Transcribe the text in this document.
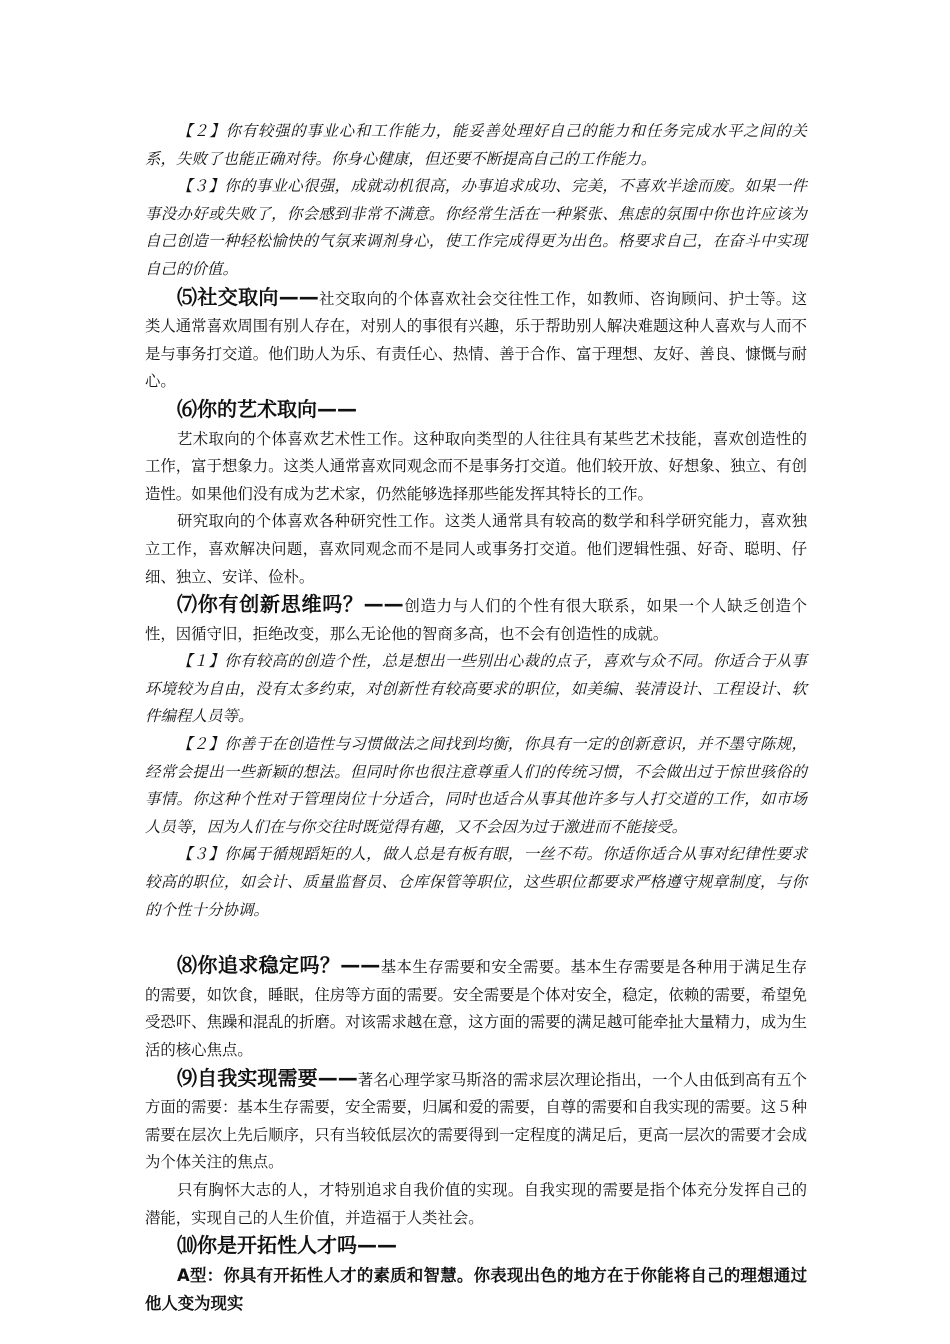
【２】你有较强的事业心和工作能力，能妥善处理好自己的能力和任务完成水平之间的关系，失败了也能正确对待。你身心健康，但还要不断提高自己的工作能力。

【３】你的事业心很强，成就动机很高，办事追求成功、完美，不喜欢半途而废。如果一件事没办好或失败了，你会感到非常不满意。你经常生活在一种紧张、焦虑的氛围中你也许应该为自己创造一种轻松愉快的气氛来调剂身心，使工作完成得更为出色。格要求自己，在奋斗中实现自己的价值。

⑸社交取向——社交取向的个体喜欢社会交往性工作，如教师、咨询顾问、护士等。这类人通常喜欢周围有别人存在，对别人的事很有兴趣，乐于帮助别人解决难题这种人喜欢与人而不是与事务打交道。他们助人为乐、有责任心、热情、善于合作、富于理想、友好、善良、慷慨与耐心。

⑹你的艺术取向——

艺术取向的个体喜欢艺术性工作。这种取向类型的人往往具有某些艺术技能，喜欢创造性的工作，富于想象力。这类人通常喜欢同观念而不是事务打交道。他们较开放、好想象、独立、有创造性。如果他们没有成为艺术家，仍然能够选择那些能发挥其特长的工作。

研究取向的个体喜欢各种研究性工作。这类人通常具有较高的数学和科学研究能力，喜欢独立工作，喜欢解决问题，喜欢同观念而不是同人或事务打交道。他们逻辑性强、好奇、聪明、仔细、独立、安详、俭朴。

⑺你有创新思维吗？——创造力与人们的个性有很大联系，如果一个人缺乏创造个性，因循守旧，拒绝改变，那么无论他的智商多高，也不会有创造性的成就。

【１】你有较高的创造个性，总是想出一些别出心裁的点子，喜欢与众不同。你适合于从事环境较为自由，没有太多约束，对创新性有较高要求的职位，如美编、装清设计、工程设计、软件编程人员等。

【２】你善于在创造性与习惯做法之间找到均衡，你具有一定的创新意识，并不墨守陈规，经常会提出一些新颖的想法。但同时你也很注意尊重人们的传统习惯，不会做出过于惊世骇俗的事情。你这种个性对于管理岗位十分适合，同时也适合从事其他许多与人打交道的工作，如市场人员等，因为人们在与你交往时既觉得有趣，又不会因为过于激进而不能接受。

【３】你属于循规蹈矩的人，做人总是有板有眼，一丝不苟。你适你适合从事对纪律性要求较高的职位，如会计、质量监督员、仓库保管等职位，这些职位都要求严格遵守规章制度，与你的个性十分协调。

⑻你追求稳定吗？——基本生存需要和安全需要。基本生存需要是各种用于满足生存的需要，如饮食，睡眠，住房等方面的需要。安全需要是个体对安全，稳定，依赖的需要，希望免受恐吓、焦躁和混乱的折磨。对该需求越在意，这方面的需要的满足越可能牵扯大量精力，成为生活的核心焦点。

⑼自我实现需要——著名心理学家马斯洛的需求层次理论指出，一个人由低到高有五个方面的需要：基本生存需要，安全需要，归属和爱的需要，自尊的需要和自我实现的需要。这５种需要在层次上先后顺序，只有当较低层次的需要得到一定程度的满足后，更高一层次的需要才会成为个体关注的焦点。

只有胸怀大志的人，才特别追求自我价值的实现。自我实现的需要是指个体充分发挥自己的潜能，实现自己的人生价值，并造福于人类社会。

⑽你是开拓性人才吗——

A型：你具有开拓性人才的素质和智慧。你表现出色的地方在于你能将自己的理想通过他人变为现实
